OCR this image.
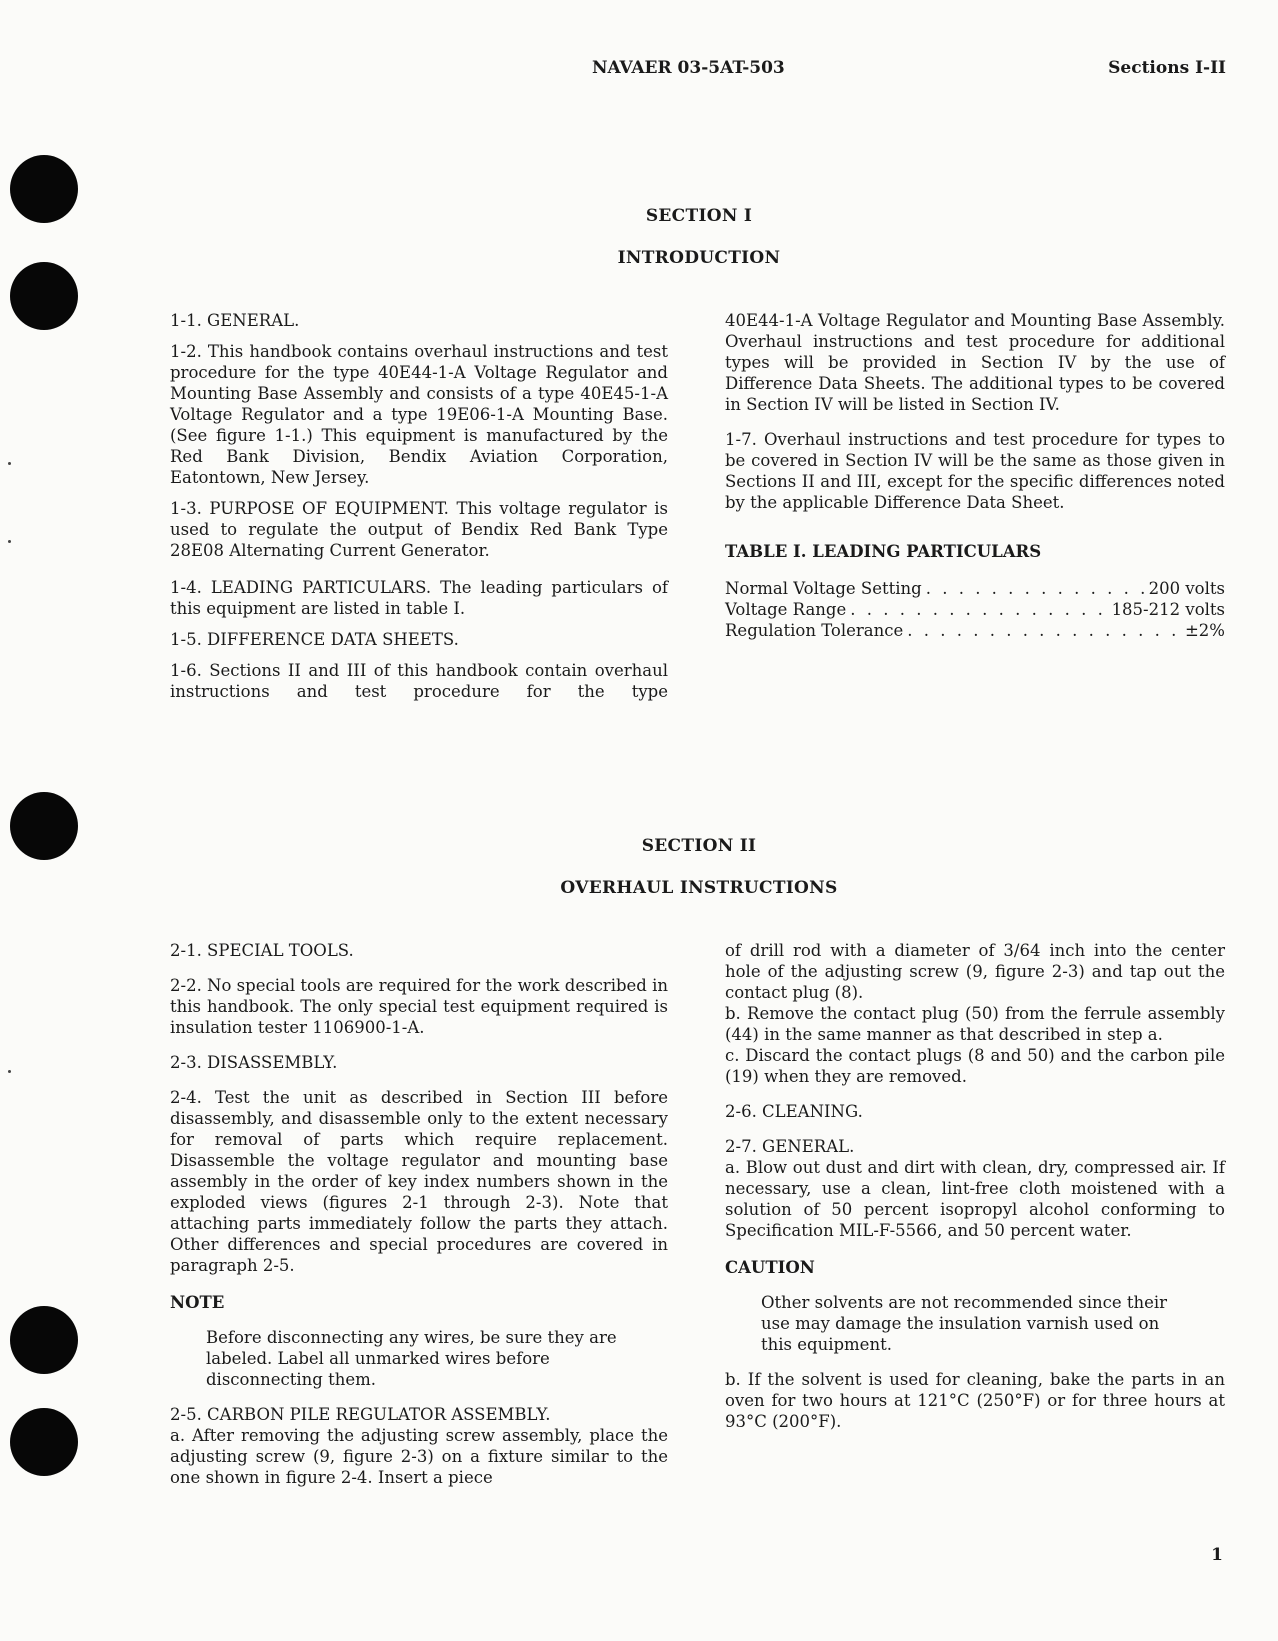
NAVAER 03-5AT-503	Sections I-II
SECTION I
INTRODUCTION

1-1. GENERAL.

1-2. This handbook contains overhaul instructions and test procedure for the type 40E44-1-A Voltage Regulator and Mounting Base Assembly and consists of a type 40E45-1-A Voltage Regulator and a type 19E06-1-A Mounting Base. (See figure 1-1.) This equipment is manufactured by the Red Bank Division, Bendix Aviation Corporation, Eatontown, New Jersey.

1-3. PURPOSE OF EQUIPMENT. This voltage regulator is used to regulate the output of Bendix Red Bank Type 28E08 Alternating Current Generator.

1-4. LEADING PARTICULARS. The leading particulars of this equipment are listed in table I.

1-5. DIFFERENCE DATA SHEETS.

1-6. Sections II and III of this handbook contain overhaul instructions and test procedure for the type

40E44-1-A Voltage Regulator and Mounting Base Assembly. Overhaul instructions and test procedure for additional types will be provided in Section IV by the use of Difference Data Sheets. The additional types to be covered in Section IV will be listed in Section IV.

1-7. Overhaul instructions and test procedure for types to be covered in Section IV will be the same as those given in Sections II and III, except for the specific differences noted by the applicable Difference Data Sheet.

TABLE I. LEADING PARTICULARS

Normal Voltage Setting . . .	200 volts

Voltage Range . . .	185-212 volts

Regulation Tolerance . . .	±2%

SECTION II
OVERHAUL INSTRUCTIONS

2-1. SPECIAL TOOLS.

2-2. No special tools are required for the work described in this handbook. The only special test equipment required is insulation tester 1106900-1-A.

2-3. DISASSEMBLY.

2-4. Test the unit as described in Section III before disassembly, and disassemble only to the extent necessary for removal of parts which require replacement. Disassemble the voltage regulator and mounting base assembly in the order of key index numbers shown in the exploded views (figures 2-1 through 2-3). Note that attaching parts immediately follow the parts they attach. Other differences and special procedures are covered in paragraph 2-5.

NOTE

Before disconnecting any wires, be sure they are labeled. Label all unmarked wires before disconnecting them.

2-5. CARBON PILE REGULATOR ASSEMBLY.

a. After removing the adjusting screw assembly, place the adjusting screw (9, figure 2-3) on a fixture similar to the one shown in figure 2-4. Insert a piece

of drill rod with a diameter of 3/64 inch into the center hole of the adjusting screw (9, figure 2-3) and tap out the contact plug (8).

b. Remove the contact plug (50) from the ferrule assembly (44) in the same manner as that described in step a.

c. Discard the contact plugs (8 and 50) and the carbon pile (19) when they are removed.

2-6. CLEANING.

2-7. GENERAL.

a. Blow out dust and dirt with clean, dry, compressed air. If necessary, use a clean, lint-free cloth moistened with a solution of 50 percent isopropyl alcohol conforming to Specification MIL-F-5566, and 50 percent water.

CAUTION

Other solvents are not recommended since their use may damage the insulation varnish used on this equipment.

b. If the solvent is used for cleaning, bake the parts in an oven for two hours at 121°C (250°F) or for three hours at 93°C (200°F).

1
